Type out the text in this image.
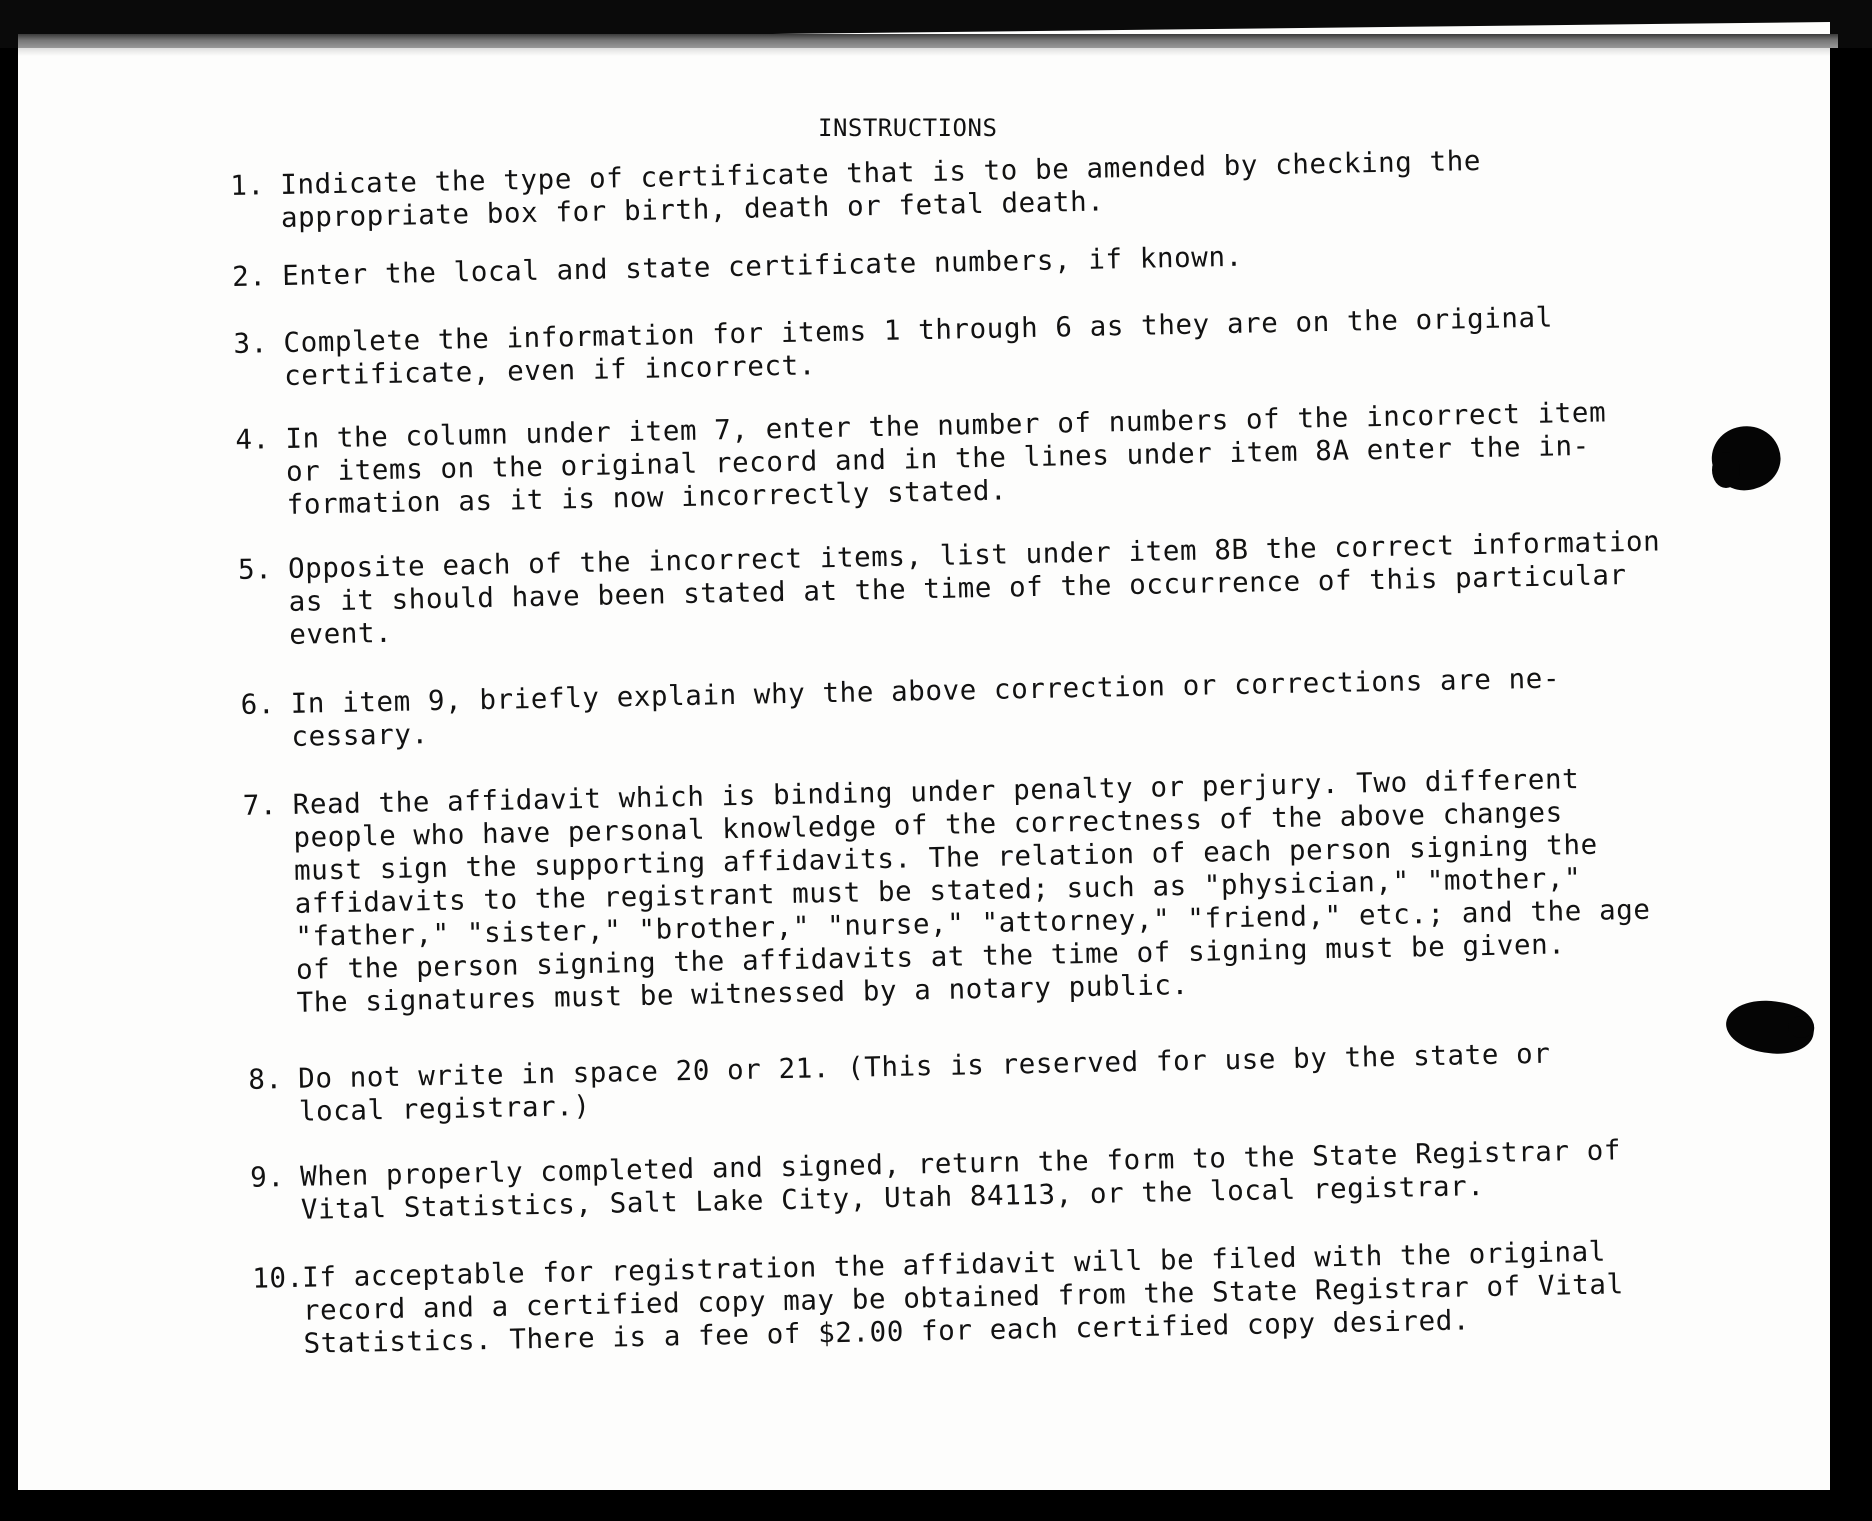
INSTRUCTIONS
1. Indicate the type of certificate that is to be amended by checking the
appropriate box for birth, death or fetal death.
2. Enter the local and state certificate numbers, if known.
3. Complete the information for items 1 through 6 as they are on the original
certificate, even if incorrect.
4. In the column under item 7, enter the number of numbers of the incorrect item
or items on the original record and in the lines under item 8A enter the in-
formation as it is now incorrectly stated.
5. Opposite each of the incorrect items, list under item 8B the correct information
as it should have been stated at the time of the occurrence of this particular
event.
6. In item 9, briefly explain why the above correction or corrections are ne-
cessary.
7. Read the affidavit which is binding under penalty or perjury. Two different
people who have personal knowledge of the correctness of the above changes
must sign the supporting affidavits. The relation of each person signing the
affidavits to the registrant must be stated; such as "physician," "mother,"
"father," "sister," "brother," "nurse," "attorney," "friend," etc.; and the age
of the person signing the affidavits at the time of signing must be given.
The signatures must be witnessed by a notary public.
8. Do not write in space 20 or 21. (This is reserved for use by the state or
local registrar.)
9. When properly completed and signed, return the form to the State Registrar of
Vital Statistics, Salt Lake City, Utah 84113, or the local registrar.
10.
If acceptable for registration the affidavit will be filed with the original
record and a certified copy may be obtained from the State Registrar of Vital
Statistics. There is a fee of $2.00 for each certified copy desired.
